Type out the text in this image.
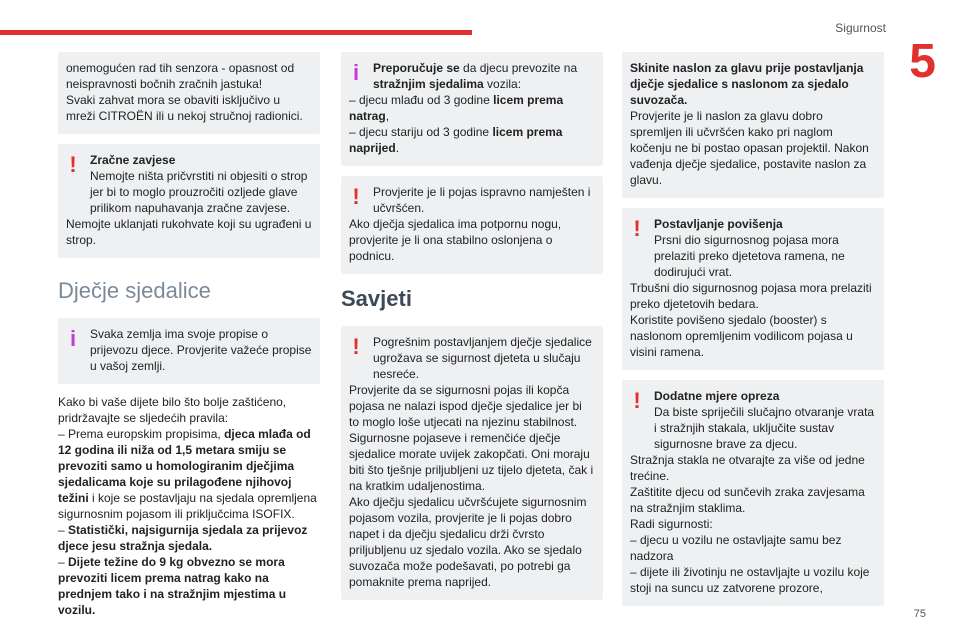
Sigurnost
5
75

onemogućen rad tih senzora - opasnost od neispravnosti bočnih zračnih jastuka!

Svaki zahvat mora se obaviti isključivo u mreži CITROËN ili u nekoj stručnoj radionici.

!	Zračne zavjese

Nemojte ništa pričvrstiti ni objesiti o strop jer bi to moglo prouzročiti ozljede glave prilikom napuhavanja zračne zavjese.

Nemojte uklanjati rukohvate koji su ugrađeni u strop.

Dječje sjedalice
i	Svaka zemlja ima svoje propise o prijevozu djece. Provjerite važeće propise u vašoj zemlji.

Kako bi vaše dijete bilo što bolje zaštićeno, pridržavajte se sljedećih pravila:

– Prema europskim propisima, djeca mlađa od 12 godina ili niža od 1,5 metara smiju se prevoziti samo u homologiranim dječjima sjedalicama koje su prilagođene njihovoj težini i koje se postavljaju na sjedala opremljena sigurnosnim pojasom ili priključcima ISOFIX.

– Statistički, najsigurnija sjedala za prijevoz djece jesu stražnja sjedala.

– Dijete težine do 9 kg obvezno se mora prevoziti licem prema natrag kako na prednjem tako i na stražnjim mjestima u vozilu.

i	Preporučuje se da djecu prevozite na stražnjim sjedalima vozila:

– djecu mlađu od 3 godine licem prema natrag,

– djecu stariju od 3 godine licem prema naprijed.

!	Provjerite je li pojas ispravno namješten i učvršćen.

Ako dječja sjedalica ima potpornu nogu, provjerite je li ona stabilno oslonjena o podnicu.

Savjeti
!	Pogrešnim postavljanjem dječje sjedalice ugrožava se sigurnost djeteta u slučaju nesreće.

Provjerite da se sigurnosni pojas ili kopča pojasa ne nalazi ispod dječje sjedalice jer bi to moglo loše utjecati na njezinu stabilnost.

Sigurnosne pojaseve i remenčiće dječje sjedalice morate uvijek zakopčati. Oni moraju biti što tješnje priljubljeni uz tijelo djeteta, čak i na kratkim udaljenostima.

Ako dječju sjedalicu učvršćujete sigurnosnim pojasom vozila, provjerite je li pojas dobro napet i da dječju sjedalicu drži čvrsto priljubljenu uz sjedalo vozila. Ako se sjedalo suvozača može podešavati, po potrebi ga pomaknite prema naprijed.

Skinite naslon za glavu prije postavljanja dječje sjedalice s naslonom za sjedalo suvozača.

Provjerite je li naslon za glavu dobro spremljen ili učvršćen kako pri naglom kočenju ne bi postao opasan projektil. Nakon vađenja dječje sjedalice, postavite naslon za glavu.

!	Postavljanje povišenja

Prsni dio sigurnosnog pojasa mora prelaziti preko djetetova ramena, ne dodirujući vrat.

Trbušni dio sigurnosnog pojasa mora prelaziti preko djetetovih bedara.

Koristite povišeno sjedalo (booster) s naslonom opremljenim vodilicom pojasa u visini ramena.

!	Dodatne mjere opreza

Da biste spriječili slučajno otvaranje vrata i stražnjih stakala, uključite sustav sigurnosne brave za djecu.

Stražnja stakla ne otvarajte za više od jedne trećine.

Zaštitite djecu od sunčevih zraka zavjesama na stražnjim staklima.

Radi sigurnosti:

– djecu u vozilu ne ostavljajte samu bez nadzora

– dijete ili životinju ne ostavljajte u vozilu koje stoji na suncu uz zatvorene prozore,
